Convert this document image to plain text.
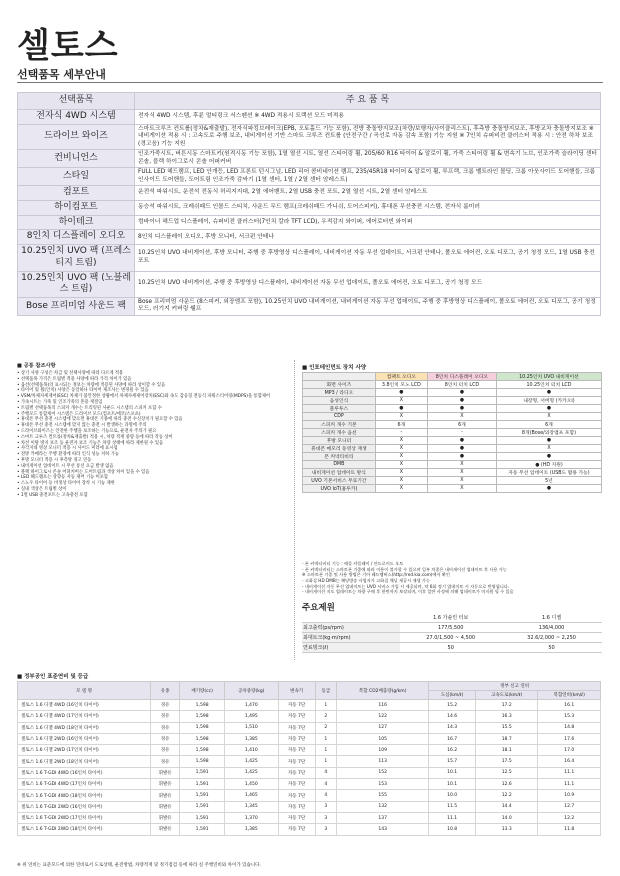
셀토스
선택품목 세부안내
선택품목	주 요 품 목
전자식 4WD 시스템	전자식 4WD 시스템, 후륜 멀티링크 서스펜션 ※ 4WD 적용시 트랙션 모드 미적용
드라이브 와이즈	스마트크루즈 컨트롤(정차&재출발), 전자식파킹브레이크(EPB, 오토홀드 기능 포함), 전방 충돌방지보조(차량/보행자/사이클리스트), 후측방 충돌방지보조, 후방교차 충돌방지보조 ※ 내비게이션 적용 시 : 고속도로 주행 보조, 내비게이션 기반 스마트 크루즈 컨트롤 (안전구간 / 곡선로 자동 감속 포함) 기능 지원 ※ 7인치 슈퍼비전 클러스터 적용 시 : 안전 하차 보조 (경고음) 기능 지원
컨비니언스	인조가죽시트, 버튼시동 스마트키(원격시동 기능 포함), 1열 열선 시트, 열선 스티어링 휠, 205/60 R16 타이어 & 알로이 휠, 가죽 스티어링 휠 & 변속기 노브, 인조가죽 슬라이딩 센터 콘솔, 블랙 하이그로시 콘솔 어퍼커버
스타일	FULL LED 헤드램프, LED 안개등, LED 프론트 턴시그널, LED 리어 콤비네이션 램프, 235/45R18 타이어 & 알로이 휠, 루프랙, 크롬 벨트라인 몰딩, 크롬 아웃사이드 도어핸들, 크롬 인사이드 도어핸들, 도어트림 인조가죽 감싸기 (1열 센터, 1열 / 2열 센터 암레스트)
컴포트	운전석 파워시트, 운전석 전동식 허리지지대, 2열 에어벤트, 2열 USB 충전 포트, 2열 열선 시트, 2열 센터 암레스트
하이컴포트	동승석 파워시트, 크레쉬패드 인몰드 스티치, 사운드 무드 램프(크레쉬패드 가니쉬, 도어스피커), 휴대폰 무선충전 시스템, 전자식 룸미러
하이테크	컴바이너 헤드업 디스플레이, 슈퍼비전 클러스터(7인치 칼라 TFT LCD), 우적감지 와이퍼, 에어로터빈 와이퍼
8인치 디스플레이 오디오	8인치 디스플레이 오디오, 후방 모니터, 서크펀 안테나
10.25인치 UVO 팩 (프레스티지 트림)	10.25인치 UVO 내비게이션, 후방 모니터, 주행 중 후방영상 디스플레이, 내비게이션 자동 무선 업데이트, 서크펀 안테나, 폴오토 에어컨, 오토 디포그, 공기 청정 모드, 1열 USB 충전 포트
10.25인치 UVO 팩 (노블레스 트림)	10.25인치 UVO 내비게이션, 주행 중 후방영상 디스플레이, 내비게이션 자동 무선 업데이트, 폴오토 에어컨, 오토 디포그, 공기 청정 모드
Bose 프리미엄 사운드 팩	Bose 프리미엄 사운드 (8스피커, 외장앰프 포함), 10.25인치 UVO 내비게이션, 내비게이션 자동 무선 업데이트, 주행 중 후방영상 디스플레이, 폴오토 에어컨, 오토 디포그, 공기 청정 모드, 러기지 커버링 쉘프
■ 공통 참조사항

• 상기 사양 구성은 차급 및 선택사양에 따라 다르게 적용

• 선택품목 가격은 트림별 적용 사양에 따라 가격 차이가 있음

• 옵션(선택품목)의 표시되는 정보는 차량에 적용된 사양에 따라 상이할 수 있음

• 타이어 및 휠(인치) 사양은 동일하나 타이어 제조사는 변경될 수 있음

• VSM/차체자세제어(ESC) 차체가 불안정한 상황에서 차체자세제어장치(ESC)와 속도 감응형 전동식 파워스티어링(MDPS)을 통합제어

• 가속시트는 가죽 및 인조가죽의 혼용 재질임

• 트림별 선택품목의 스피커 개수는 트리밍된 사운드 시스템의 스피커 포함 수

• 주행모드 통합제어 시스템은 드라이브 모드(컴포트/에코/스포츠)

• 휴대폰 무선 충전 시스템에 맞으면 휴대폰 기종에 따라 충전 수신장치가 필요할 수 있음

• 휴대폰 무선 충전 시스템에 맞지 않는 충전 시 발생하는 과열에 주의

• 드라이브와이즈는 안전한 주행을 보조하는 기능으로, 운전자 주의가 필요

• 스마트 크루즈 컨트롤(정차&재출발) 적용 시, 차량 적재 중량 등에 따라 작동 상이

• 차선 이탈 방지 보조 등 운전자 보조 기능은 차량 상태에 따라 제한될 수 있음

• 사각지대 영상 모니터 적용 시 사이드 미러에 표시됨

• 전방 카메라는 주행 환경에 따라 인식 성능 저하 가능

• 후방 모니터 적용 시 후측방 경고 연동

• 내비게이션 업데이트 시 무선 통신 요금 발생 없음

• 블랙 하이그로시 콘솔 어퍼커버는 도어트림과 색상 차이 있을 수 있음

• LED 헤드램프는 상향등 자동 제어 기능 미포함

• 스노우 타이어 등 비정상 타이어 장착 시 기능 제한

• 실내 색상은 트림별 상이

• 1열 USB 충전포트는 고속충전 포함

■ 인포테인먼트 장치 사양
	컴팩트 오디오	8인치 디스플레이 오디오	10.25인치 UVO 내비게이션
화면 사이즈	3.8인치 모노 LCD	8인치 터치 LCD	10.25인치 터치 LCD
MP3 / 라디오	●	●	●
음성인식	X	●	내장형, 서버형 (카카오i)
블루투스	●	●	●
CDP	X	X	X
스피커 개수 기본	6개	6개	6개
스피커 개수 옵션	-	-	8개(Bose/외장앰프 포함)
후방 모니터	X	●	●
휴대폰 메모리 동영상 재생	X	●	X
폰 커넥티비티	X	●	●
DMB	X	X	● (HD 지원)
내비게이션 업데이트 방식	X	X	자동 무선 업데이트 (USB도 활용 가능)
UVO 기본서비스 무료기간	X	X	5년
UVO IoT(홈투카)	X	X	●

- 폰 커넥티비티 기능 : 애플 카플레이 / 안드로이드 오토

- 폰 커넥티비티는 스마트폰 기종에 따라 이용이 불가할 수 있으며 일부 차종은 내비게이션 업데이트 후 사용 가능

※ 스마트폰 기종 및 사용 방법은 기아 레드멤버스(http://red.kia.com)에서 확인

- 고화질 HD DMB는 해당방송 사업자가 고화질 채널 제공시 재생 가능

- 내비게이션 자동 무선 업데이트는 UVO 서비스 가입 시 제공되며, 약 6회 정기 업데이트 시 자동으로 반영됩니다.

- 내비게이션 지도 업데이트는 차량 구매 후 한번까지 보장되며, 이후 일반 사정에 의해 업데이트가 미지원 될 수 있음

주요제원
	1.6 가솔린 터보	1.6 디젤
최고출력(ps/rpm)	177/5,500	136/4,000
최대토크(kg·m/rpm)	27.0/1,500 ~ 4,500	32.6/2,000 ~ 2,250
연료탱크(ℓ)	50	50
■ 정부공인 표준연비 및 등급
모 델 명	유종	배기량(cc)	공차중량(kg)	변속기	등급	복합 CO2배출량(g/km)	정부 신고 연비		
							도심(km/ℓ)	고속도로(km/ℓ)	복합연비(km/ℓ)
셀토스 1.6 디젤 4WD (16인치 타이어)	경유	1,598	1,470	자동 7단	1	116	15.2	17.2	16.1
셀토스 1.6 디젤 4WD (17인치 타이어)	경유	1,598	1,495	자동 7단	2	122	14.6	16.3	15.3
셀토스 1.6 디젤 4WD (18인치 타이어)	경유	1,598	1,510	자동 7단	2	127	14.3	15.5	14.8
셀토스 1.6 디젤 2WD (16인치 타이어)	경유	1,598	1,385	자동 7단	1	105	16.7	18.7	17.6
셀토스 1.6 디젤 2WD (17인치 타이어)	경유	1,598	1,410	자동 7단	1	109	16.2	18.1	17.0
셀토스 1.6 디젤 2WD (18인치 타이어)	경유	1,598	1,425	자동 7단	1	113	15.7	17.5	16.4
셀토스 1.6 T-GDI 4WD (16인치 타이어)	휘발유	1,591	1,425	자동 7단	4	152	10.1	12.5	11.1
셀토스 1.6 T-GDI 4WD (17인치 타이어)	휘발유	1,591	1,450	자동 7단	4	153	10.1	12.6	11.1
셀토스 1.6 T-GDI 4WD (18인치 타이어)	휘발유	1,591	1,465	자동 7단	4	155	10.0	12.2	10.9
셀토스 1.6 T-GDI 2WD (16인치 타이어)	휘발유	1,591	1,345	자동 7단	3	132	11.5	14.4	12.7
셀토스 1.6 T-GDI 2WD (17인치 타이어)	휘발유	1,591	1,370	자동 7단	3	137	11.1	14.0	12.2
셀토스 1.6 T-GDI 2WD (18인치 타이어)	휘발유	1,591	1,385	자동 7단	3	143	10.8	13.3	11.8
※ 위 연비는 표준모드에 의한 연비로서 도로상태, 운전방법, 차량적재 및 정기점검 등에 따라 실 주행연비와 차이가 있습니다.
